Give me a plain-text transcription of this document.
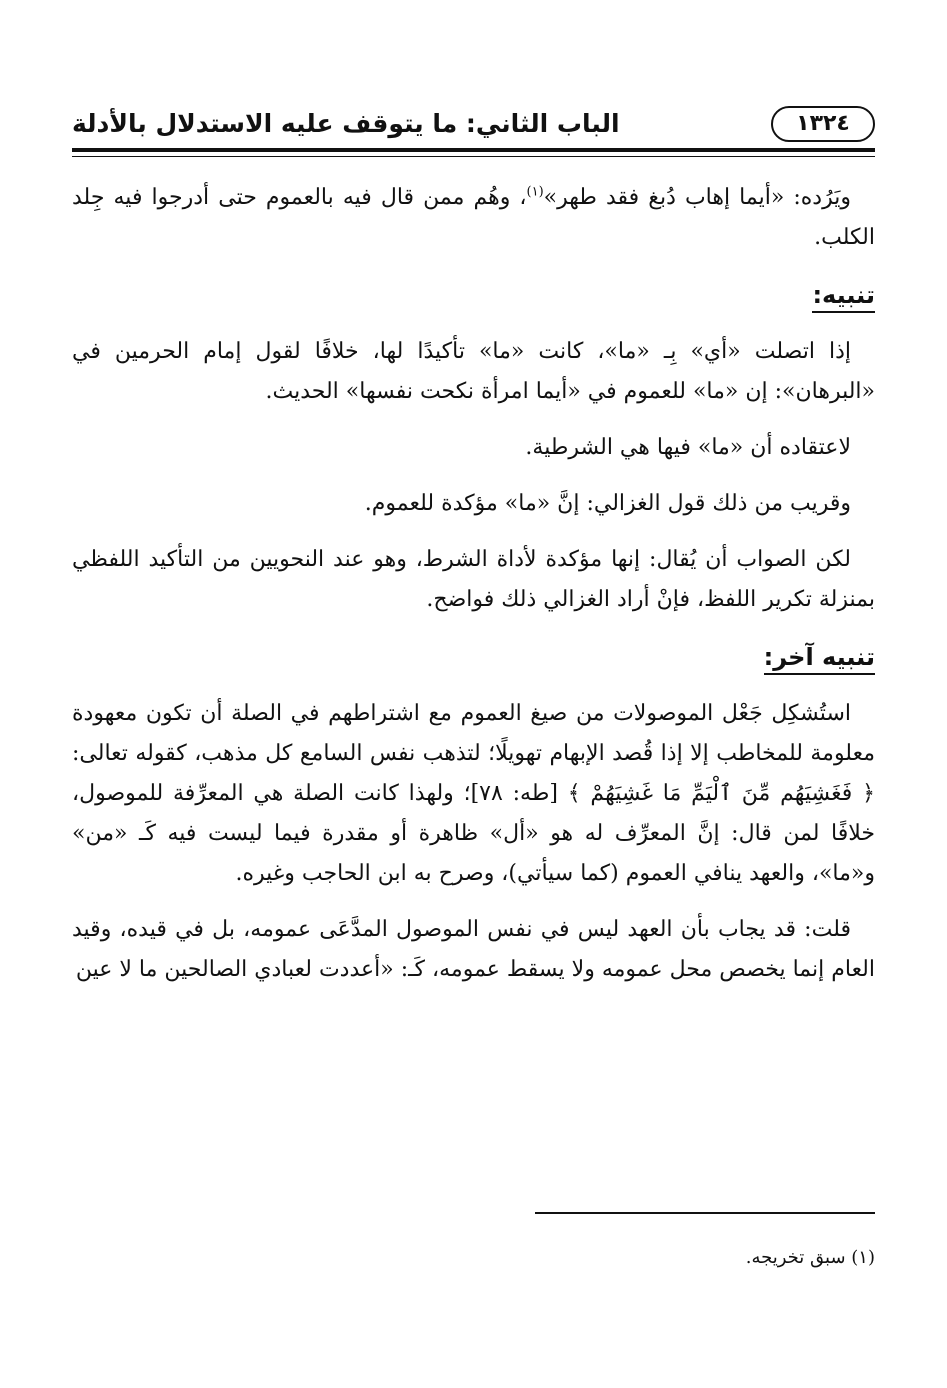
١٣٢٤
الباب الثاني: ما يتوقف عليه الاستدلال بالأدلة

ويَرُده: «أيما إهاب دُبغ فقد طهر»$^{(١)}$، وهُم ممن قال فيه بالعموم حتى أدرجوا فيه جِلد الكلب.

تنبيه:

إذا اتصلت «أي» بِـ «ما»، كانت «ما» تأكيدًا لها، خلافًا لقول إمام الحرمين في «البرهان»: إن «ما» للعموم في «أيما امرأة نكحت نفسها» الحديث.

لاعتقاده أن «ما» فيها هي الشرطية.

وقريب من ذلك قول الغزالي: إنَّ «ما» مؤكدة للعموم.

لكن الصواب أن يُقال: إنها مؤكدة لأداة الشرط، وهو عند النحويين من التأكيد اللفظي بمنزلة تكرير اللفظ، فإنْ أراد الغزالي ذلك فواضح.

تنبيه آخر:

استُشكِل جَعْل الموصولات من صيغ العموم مع اشتراطهم في الصلة أن تكون معهودة معلومة للمخاطب إلا إذا قُصد الإبهام تهويلًا؛ لتذهب نفس السامع كل مذهب، كقوله تعالى: ﴿ فَغَشِيَهُم مِّنَ ٱلْيَمِّ مَا غَشِيَهُمْ ﴾ [طه: ٧٨]؛ ولهذا كانت الصلة هي المعرِّفة للموصول، خلافًا لمن قال: إنَّ المعرِّف له هو «أل» ظاهرة أو مقدرة فيما ليست فيه كَـ «من» و«ما»، والعهد ينافي العموم (كما سيأتي)، وصرح به ابن الحاجب وغيره.

قلت: قد يجاب بأن العهد ليس في نفس الموصول المدَّعَى عمومه، بل في قيده، وقيد العام إنما يخصص محل عمومه ولا يسقط عمومه، كَـ: «أعددت لعبادي الصالحين ما لا عين

(١) سبق تخريجه.
